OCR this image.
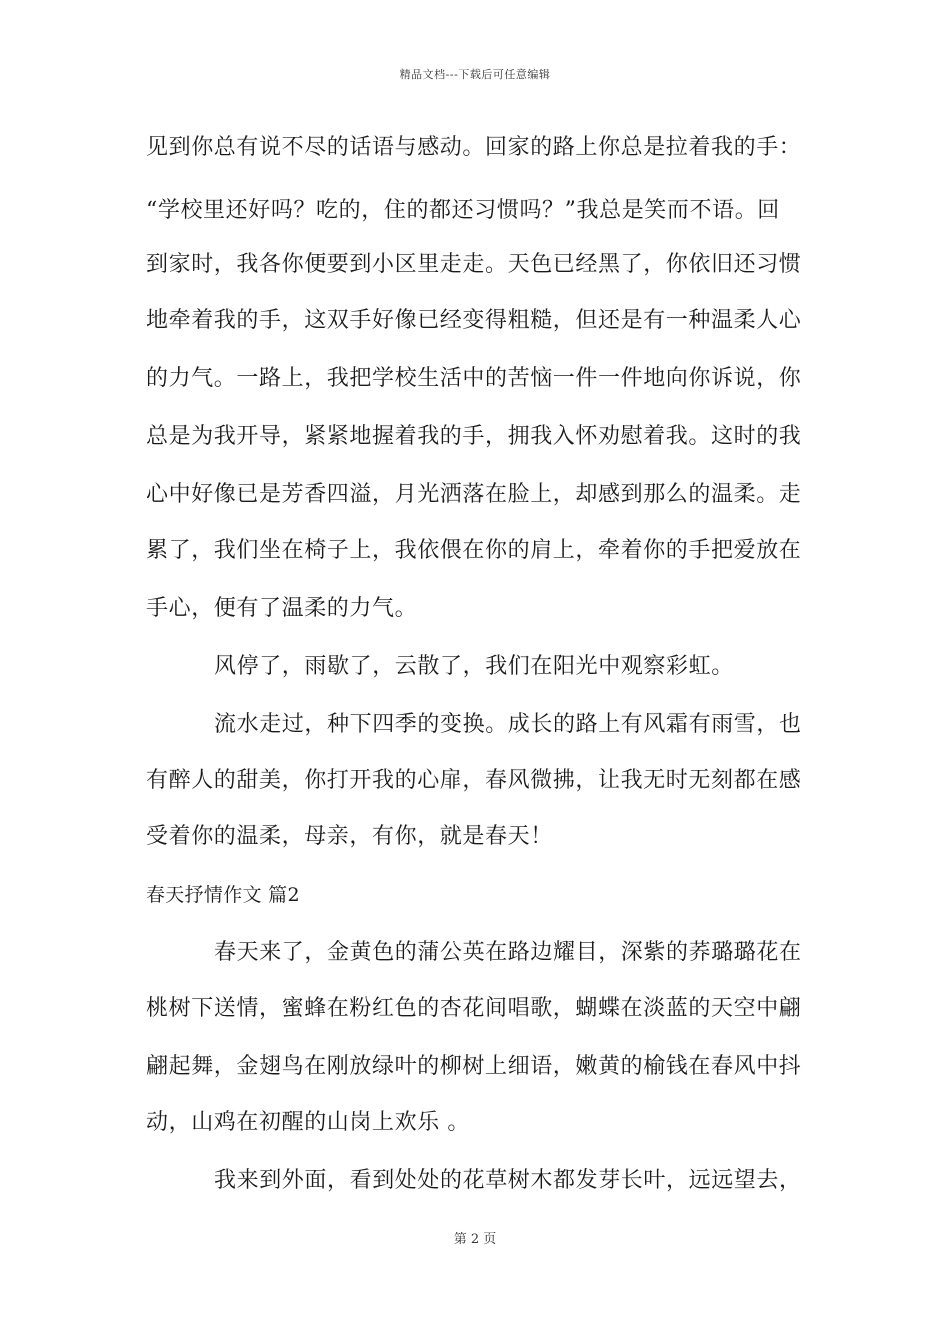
精品文档---下载后可任意编辑
见到你总有说不尽的话语与感动。回家的路上你总是拉着我的手：
“学校里还好吗？吃的，住的都还习惯吗？”我总是笑而不语。回
到家时，我各你便要到小区里走走。天色已经黑了，你依旧还习惯
地牵着我的手，这双手好像已经变得粗糙，但还是有一种温柔人心
的力气。一路上，我把学校生活中的苦恼一件一件地向你诉说，你
总是为我开导，紧紧地握着我的手，拥我入怀劝慰着我。这时的我
心中好像已是芳香四溢，月光洒落在脸上，却感到那么的温柔。走
累了，我们坐在椅子上，我依偎在你的肩上，牵着你的手把爱放在
手心，便有了温柔的力气。
风停了，雨歇了，云散了，我们在阳光中观察彩虹。
流水走过，种下四季的变换。成长的路上有风霜有雨雪，也
有醉人的甜美，你打开我的心扉，春风微拂，让我无时无刻都在感
受着你的温柔，母亲，有你，就是春天！
春天抒情作文 篇2
春天来了，金黄色的蒲公英在路边耀目，深紫的荞璐璐花在
桃树下送情，蜜蜂在粉红色的杏花间唱歌，蝴蝶在淡蓝的天空中翩
翩起舞，金翅鸟在刚放绿叶的柳树上细语，嫩黄的榆钱在春风中抖
动，山鸡在初醒的山岗上欢乐 。
我来到外面，看到处处的花草树木都发芽长叶，远远望去，
第 2 页
